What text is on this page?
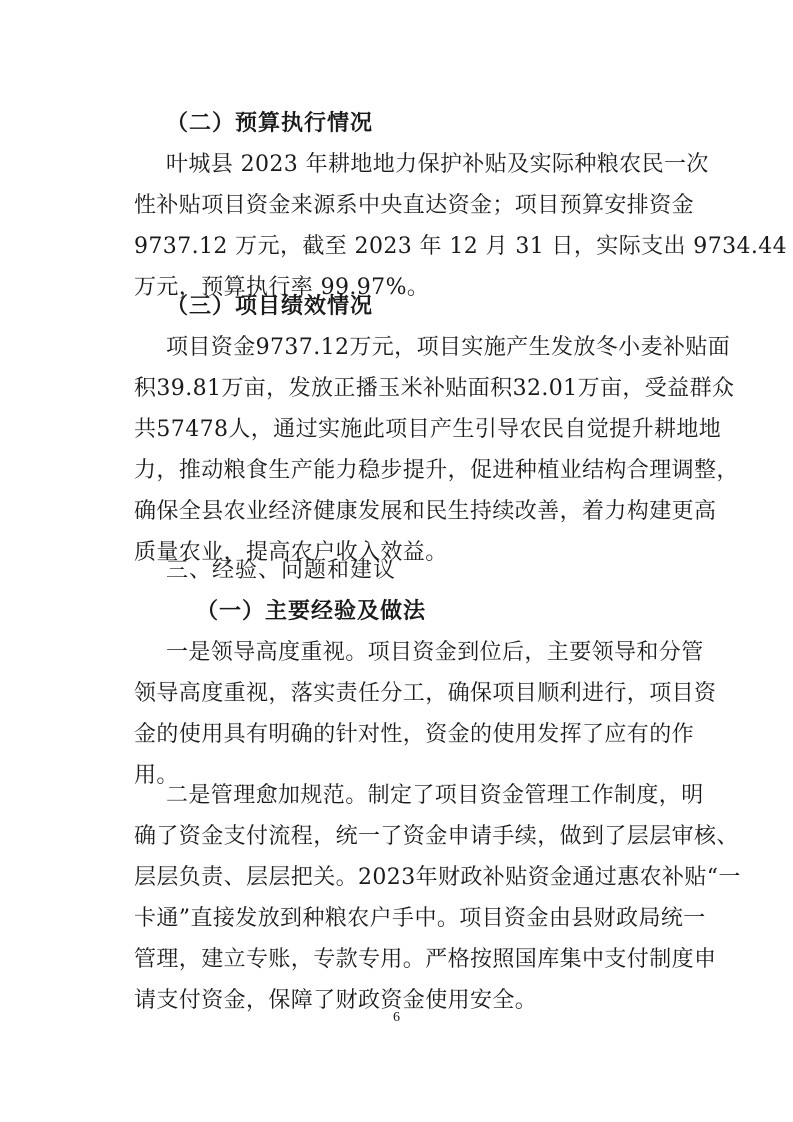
（二）预算执行情况
叶城县 2023 年耕地地力保护补贴及实际种粮农民一次
性补贴项目资金来源系中央直达资金；项目预算安排资金
9737.12 万元，截至 2023 年 12 月 31 日，实际支出 9734.44
万元，预算执行率 99.97%。
（三）项目绩效情况
项目资金9737.12万元，项目实施产生发放冬小麦补贴面
积39.81万亩，发放正播玉米补贴面积32.01万亩，受益群众
共57478人，通过实施此项目产生引导农民自觉提升耕地地
力，推动粮食生产能力稳步提升，促进种植业结构合理调整，
确保全县农业经济健康发展和民生持续改善，着力构建更高
质量农业，提高农户收入效益。
三、经验、问题和建议
（一）主要经验及做法
一是领导高度重视。项目资金到位后，主要领导和分管
领导高度重视，落实责任分工，确保项目顺利进行，项目资
金的使用具有明确的针对性，资金的使用发挥了应有的作
用。
二是管理愈加规范。制定了项目资金管理工作制度，明
确了资金支付流程，统一了资金申请手续，做到了层层审核、
层层负责、层层把关。2023年财政补贴资金通过惠农补贴“一
卡通”直接发放到种粮农户手中。项目资金由县财政局统一
管理，建立专账，专款专用。严格按照国库集中支付制度申
请支付资金，保障了财政资金使用安全。
6
